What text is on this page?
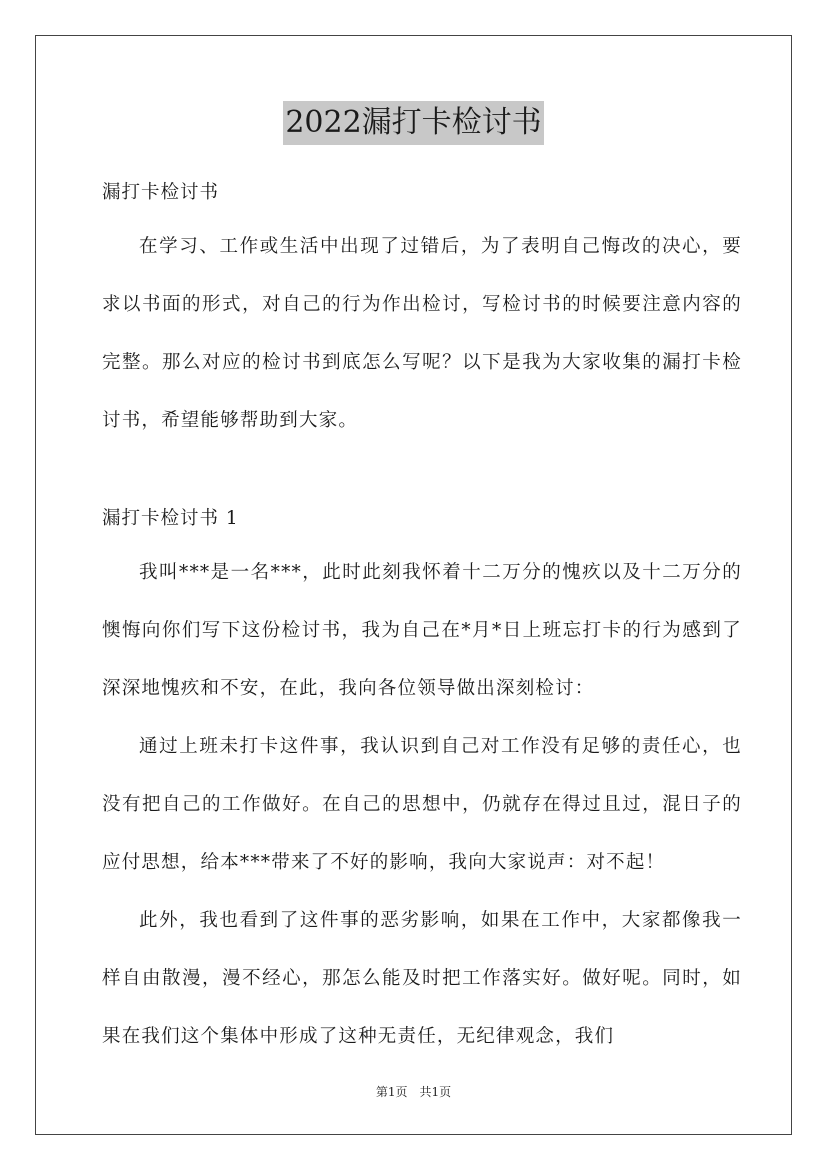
2022漏打卡检讨书

漏打卡检讨书

在学习、工作或生活中出现了过错后，为了表明自己悔改的决心，要求以书面的形式，对自己的行为作出检讨，写检讨书的时候要注意内容的完整。那么对应的检讨书到底怎么写呢？以下是我为大家收集的漏打卡检讨书，希望能够帮助到大家。

漏打卡检讨书 1

我叫***是一名***，此时此刻我怀着十二万分的愧疚以及十二万分的懊悔向你们写下这份检讨书，我为自己在*月*日上班忘打卡的行为感到了深深地愧疚和不安，在此，我向各位领导做出深刻检讨：

通过上班未打卡这件事，我认识到自己对工作没有足够的责任心，也没有把自己的工作做好。在自己的思想中，仍就存在得过且过，混日子的应付思想，给本***带来了不好的影响，我向大家说声：对不起！

此外，我也看到了这件事的恶劣影响，如果在工作中，大家都像我一样自由散漫，漫不经心，那怎么能及时把工作落实好。做好呢。同时，如果在我们这个集体中形成了这种无责任，无纪律观念，我们

第1页　共1页
